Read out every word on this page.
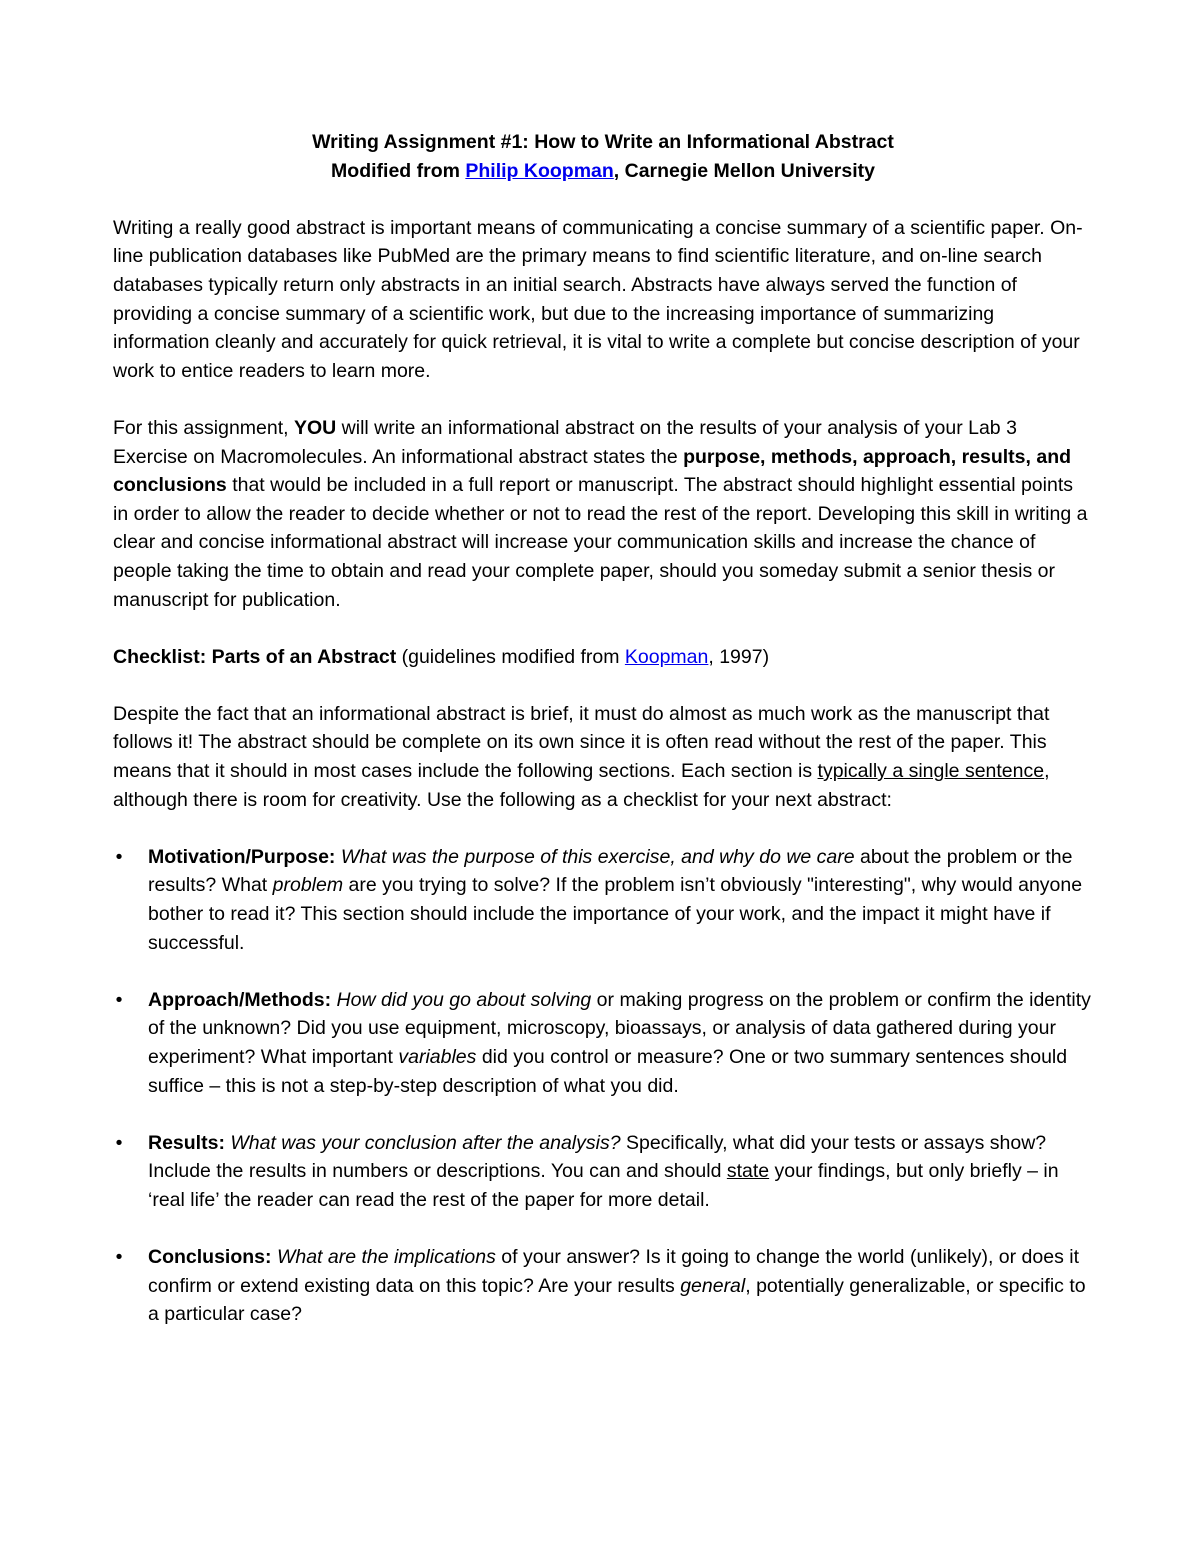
Writing Assignment #1: How to Write an Informational Abstract
Modified from Philip Koopman, Carnegie Mellon University

Writing a really good abstract is important means of communicating a concise summary of a scientific paper. On-line publication databases like PubMed are the primary means to find scientific literature, and on-line search databases typically return only abstracts in an initial search. Abstracts have always served the function of providing a concise summary of a scientific work, but due to the increasing importance of summarizing information cleanly and accurately for quick retrieval, it is vital to write a complete but concise description of your work to entice readers to learn more.

For this assignment, YOU will write an informational abstract on the results of your analysis of your Lab 3 Exercise on Macromolecules. An informational abstract states the purpose, methods, approach, results, and conclusions that would be included in a full report or manuscript. The abstract should highlight essential points in order to allow the reader to decide whether or not to read the rest of the report. Developing this skill in writing a clear and concise informational abstract will increase your communication skills and increase the chance of people taking the time to obtain and read your complete paper, should you someday submit a senior thesis or manuscript for publication.

Checklist: Parts of an Abstract (guidelines modified from Koopman, 1997)

Despite the fact that an informational abstract is brief, it must do almost as much work as the manuscript that follows it! The abstract should be complete on its own since it is often read without the rest of the paper. This means that it should in most cases include the following sections. Each section is typically a single sentence, although there is room for creativity. Use the following as a checklist for your next abstract:

• Motivation/Purpose: What was the purpose of this exercise, and why do we care about the problem or the results? What problem are you trying to solve? If the problem isn’t obviously "interesting", why would anyone bother to read it? This section should include the importance of your work, and the impact it might have if successful.
• Approach/Methods: How did you go about solving or making progress on the problem or confirm the identity of the unknown? Did you use equipment, microscopy, bioassays, or analysis of data gathered during your experiment? What important variables did you control or measure? One or two summary sentences should suffice – this is not a step-by-step description of what you did.
• Results: What was your conclusion after the analysis? Specifically, what did your tests or assays show? Include the results in numbers or descriptions. You can and should state your findings, but only briefly – in ‘real life’ the reader can read the rest of the paper for more detail.
• Conclusions: What are the implications of your answer? Is it going to change the world (unlikely), or does it confirm or extend existing data on this topic? Are your results general, potentially generalizable, or specific to a particular case?
